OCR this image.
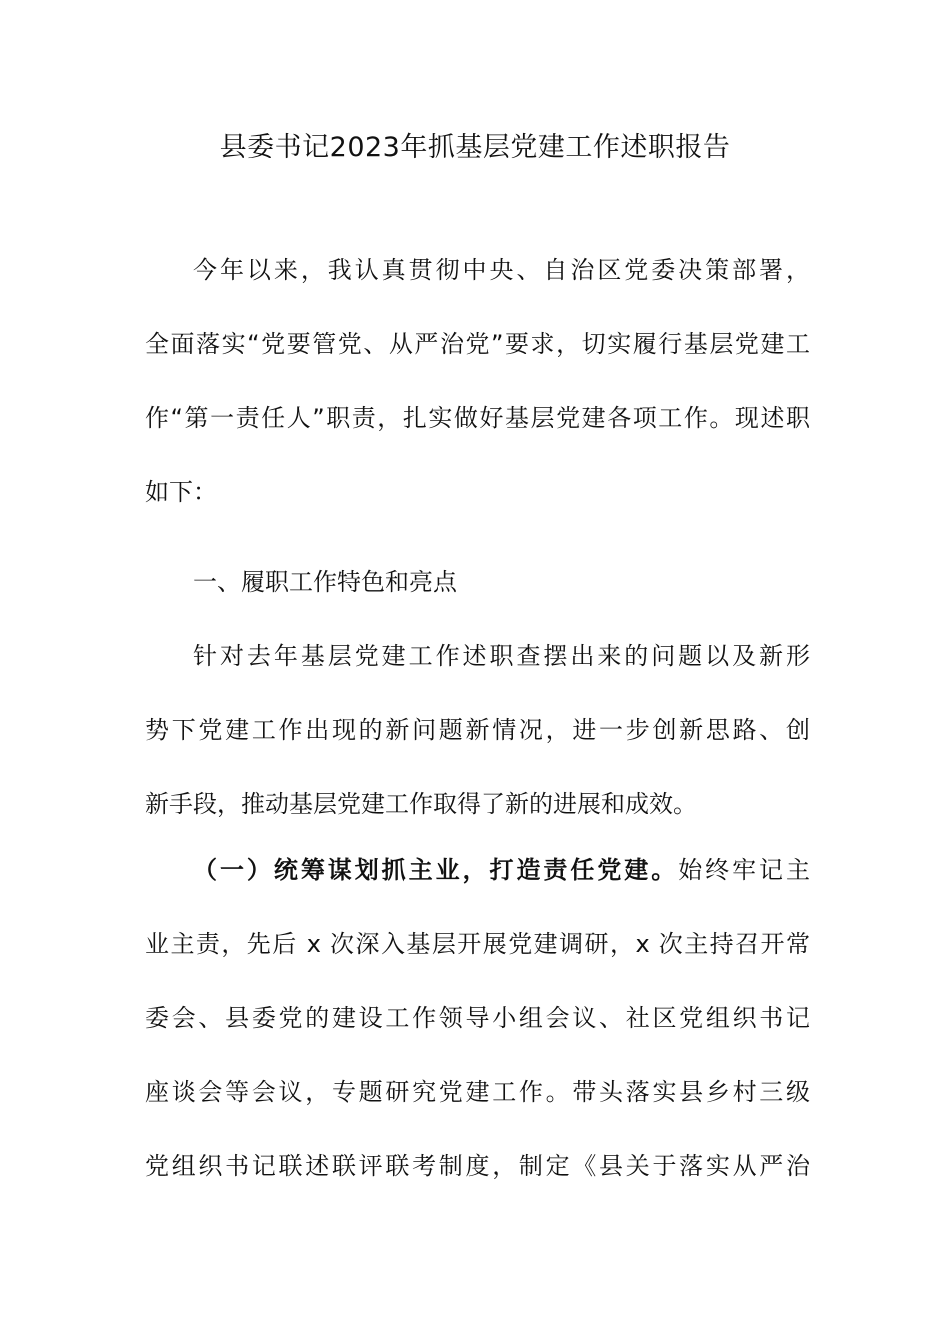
县委书记2023年抓基层党建工作述职报告
今年以来，我认真贯彻中央、自治区党委决策部署，
全面落实“党要管党、从严治党”要求，切实履行基层党建工
作“第一责任人”职责，扎实做好基层党建各项工作。现述职
如下：
一、履职工作特色和亮点
针对去年基层党建工作述职查摆出来的问题以及新形
势下党建工作出现的新问题新情况，进一步创新思路、创
新手段，推动基层党建工作取得了新的进展和成效。
（一）统筹谋划抓主业，打造责任党建。始终牢记主
业主责，先后 x 次深入基层开展党建调研，x 次主持召开常
委会、县委党的建设工作领导小组会议、社区党组织书记
座谈会等会议，专题研究党建工作。带头落实县乡村三级
党组织书记联述联评联考制度，制定《县关于落实从严治
